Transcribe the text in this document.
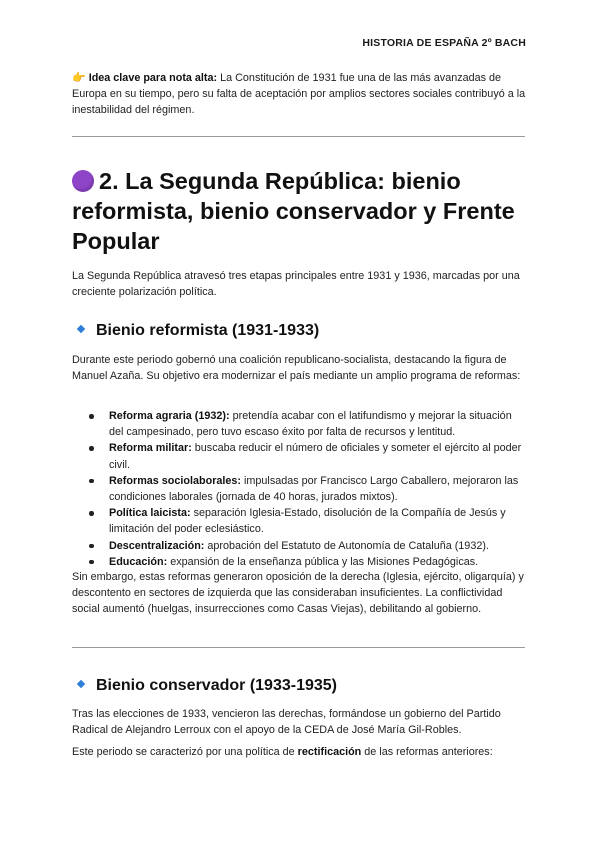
HISTORIA DE ESPAÑA 2º BACH
👉 Idea clave para nota alta: La Constitución de 1931 fue una de las más avanzadas de Europa en su tiempo, pero su falta de aceptación por amplios sectores sociales contribuyó a la inestabilidad del régimen.
2. La Segunda República: bienio reformista, bienio conservador y Frente Popular
La Segunda República atravesó tres etapas principales entre 1931 y 1936, marcadas por una creciente polarización política.
Bienio reformista (1931-1933)
Durante este periodo gobernó una coalición republicano-socialista, destacando la figura de Manuel Azaña. Su objetivo era modernizar el país mediante un amplio programa de reformas:
Reforma agraria (1932): pretendía acabar con el latifundismo y mejorar la situación del campesinado, pero tuvo escaso éxito por falta de recursos y lentitud.
Reforma militar: buscaba reducir el número de oficiales y someter el ejército al poder civil.
Reformas sociolaborales: impulsadas por Francisco Largo Caballero, mejoraron las condiciones laborales (jornada de 40 horas, jurados mixtos).
Política laicista: separación Iglesia-Estado, disolución de la Compañía de Jesús y limitación del poder eclesiástico.
Descentralización: aprobación del Estatuto de Autonomía de Cataluña (1932).
Educación: expansión de la enseñanza pública y las Misiones Pedagógicas.
Sin embargo, estas reformas generaron oposición de la derecha (Iglesia, ejército, oligarquía) y descontento en sectores de izquierda que las consideraban insuficientes. La conflictividad social aumentó (huelgas, insurrecciones como Casas Viejas), debilitando al gobierno.
Bienio conservador (1933-1935)
Tras las elecciones de 1933, vencieron las derechas, formándose un gobierno del Partido Radical de Alejandro Lerroux con el apoyo de la CEDA de José María Gil-Robles.
Este periodo se caracterizó por una política de rectificación de las reformas anteriores:
